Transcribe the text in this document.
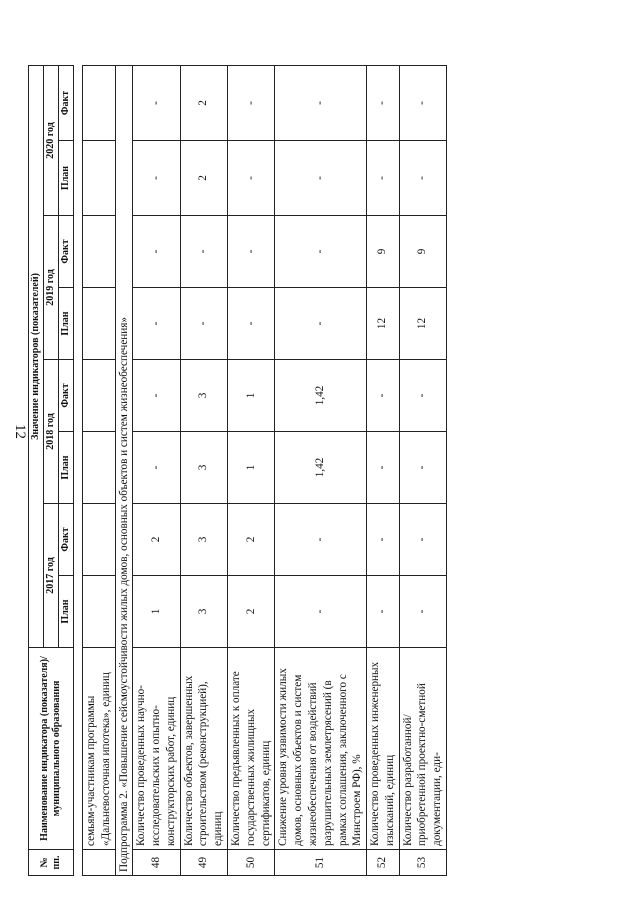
12
№ пп.	Наименование индикатора (показателя)/муниципального образования	Значение индикаторов (показателей)							
		2017 год		2018 год		2019 год		2020 год	
		План	Факт	План	Факт	План	Факт	План	Факт

	семьям-участникам программы «Дальневосточная ипотека», единиц								
Подпрограмма 2. «Повышение сейсмоустойчивости жилых домов, основных объектов и систем жизнеобеспечения»									
48	Количество проведенных научно-исследовательских и опытно-конструкторских работ, единиц	1	2	-	-	-	-	-	-
49	Количество объектов, завершенных строительством (реконструкцией), единиц	3	3	3	3	-	-	2	2
50	Количество предъявленных к оплате государственных жилищных сертификатов, единиц	2	2	1	1	-	-	-	-
51	Снижение уровня уязвимости жилых домов, основных объектов и систем жизнеобеспечения от воздействий разрушительных землетрясений (в рамках соглашения, заключенного с Минстроем РФ), %	-	-	1,42	1,42	-	-	-	-
52	Количество проведенных инженерных изысканий, единиц	-	-	-	-	12	9	-	-
53	Количество разработанной/приобретенной проектно-сметной документации, еди-	-	-	-	-	12	9	-	-
